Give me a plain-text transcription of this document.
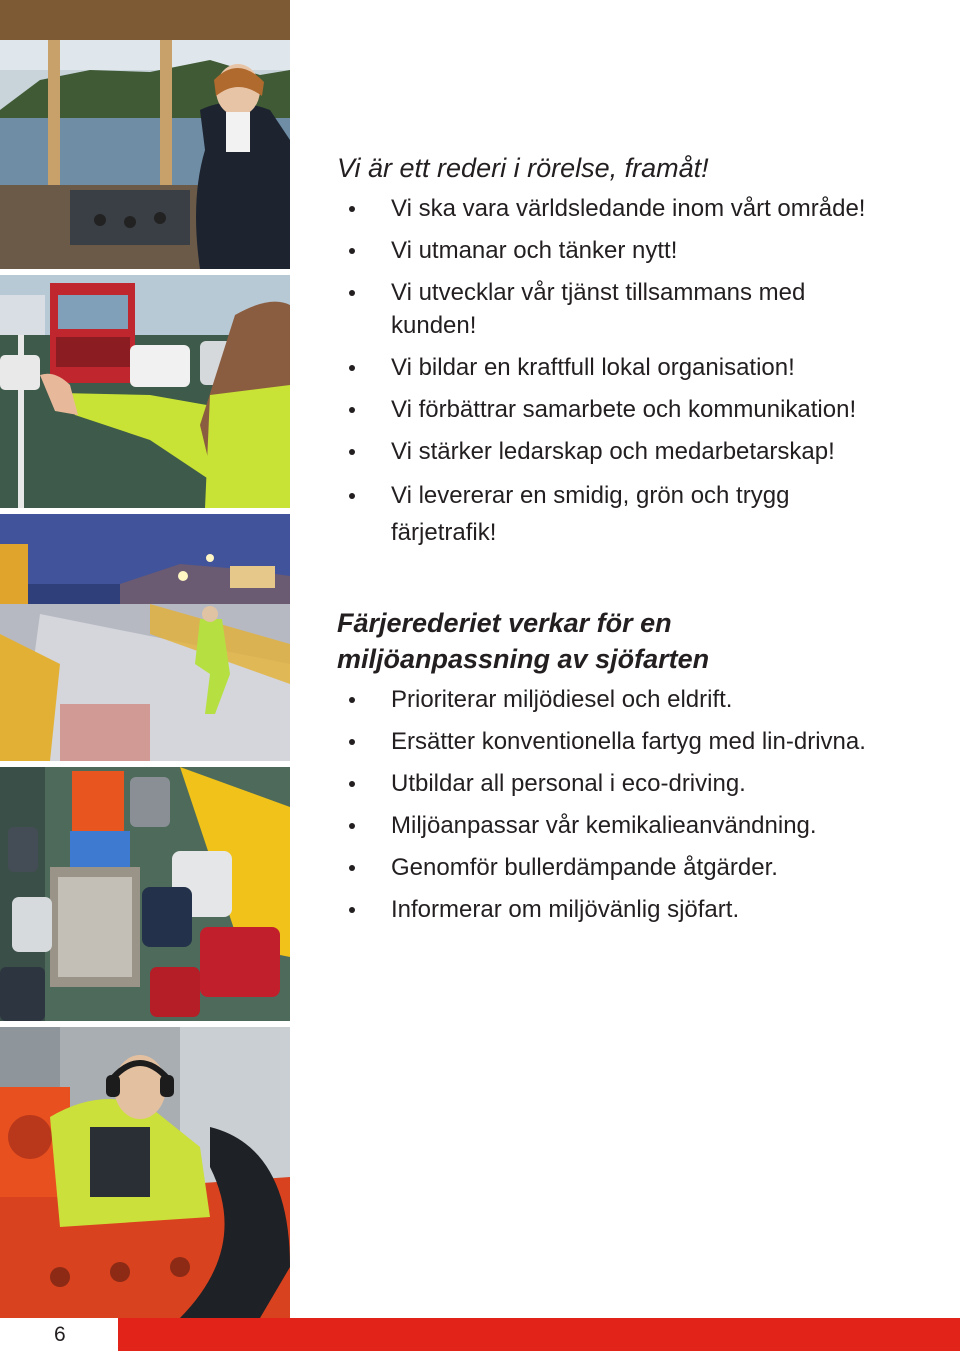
Vi är ett rederi i rörelse, framåt!
Vi ska vara världsledande inom vårt område!
Vi utmanar och tänker nytt!
Vi utvecklar vår tjänst tillsammans med kunden!
Vi bildar en kraftfull lokal organisation!
Vi förbättrar samarbete och kommunikation!
Vi stärker ledarskap och medarbetarskap!
Vi levererar en smidig, grön och trygg färjetrafik!
Färjerederiet verkar för en miljöanpassning av sjöfarten
Prioriterar miljödiesel och eldrift.
Ersätter konventionella fartyg med lin-drivna.
Utbildar all personal i eco-driving.
Miljöanpassar vår kemikalieanvändning.
Genomför bullerdämpande åtgärder.
Informerar om miljövänlig sjöfart.
6
